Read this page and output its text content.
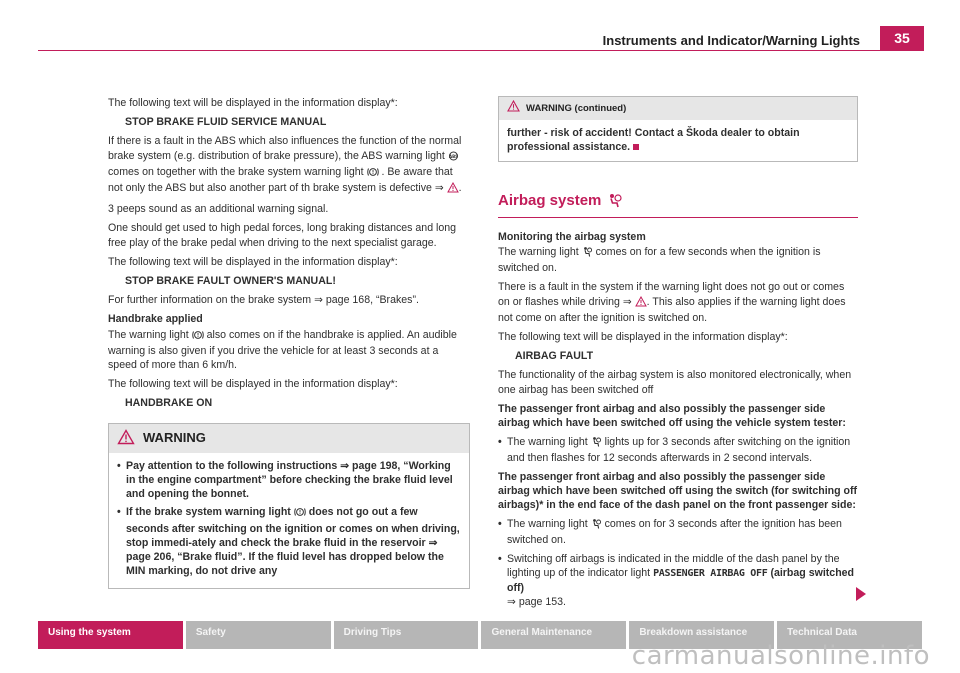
Instruments and Indicator/Warning Lights	35

The following text will be displayed in the information display*:

STOP BRAKE FLUID SERVICE MANUAL

If there is a fault in the ABS which also influences the function of the normal brake system (e.g. distribution of brake pressure), the ABS warning light ABS
comes on together with the brake system warning light ! . Be aware that not only the ABS but also another part of th brake system is defective ⇒ .

3 peeps sound as an additional warning signal.

One should get used to high pedal forces, long braking distances and long free play of the brake pedal when driving to the next specialist garage.

The following text will be displayed in the information display*:

STOP BRAKE FAULT OWNER'S MANUAL!

For further information on the brake system ⇒ page 168, “Brakes”.

Handbrake applied

The warning light ! also comes on if the handbrake is applied. An audible warning is also given if you drive the vehicle for at least 3 seconds at a speed of more than 6 km/h.

The following text will be displayed in the information display*:

HANDBRAKE ON

WARNING
• Pay attention to the following instructions ⇒ page 198, “Working in the engine compartment” before checking the brake fluid level and opening the bonnet.
• If the brake system warning light ! does not go out a few seconds after switching on the ignition or comes on when driving, stop immedi-ately and check the brake fluid in the reservoir ⇒ page 206, “Brake fluid”. If the fluid level has dropped below the MIN marking, do not drive any
WARNING (continued)
further - risk of accident! Contact a Škoda dealer to obtain professional assistance.
Airbag system

Monitoring the airbag system

The warning light comes on for a few seconds when the ignition is switched on.

There is a fault in the system if the warning light does not go out or comes on or flashes while driving ⇒ . This also applies if the warning light does not come on after the ignition is switched on.

The following text will be displayed in the information display*:

AIRBAG FAULT

The functionality of the airbag system is also monitored electronically, when one airbag has been switched off

The passenger front airbag and also possibly the passenger side airbag which have been switched off using the vehicle system tester:

• The warning light lights up for 3 seconds after switching on the ignition and then flashes for 12 seconds afterwards in 2 second intervals.

The passenger front airbag and also possibly the passenger side airbag which have been switched off using the switch (for switching off airbags)* in the end face of the dash panel on the front passenger side:

• The warning light comes on for 3 seconds after the ignition has been switched on.
• Switching off airbags is indicated in the middle of the dash panel by the lighting up of the indicator light PASSENGER AIRBAG OFF (airbag switched off)
⇒ page 153.
Using the system	Safety	Driving Tips	General Maintenance	Breakdown assistance	Technical Data
carmanualsonline.info
